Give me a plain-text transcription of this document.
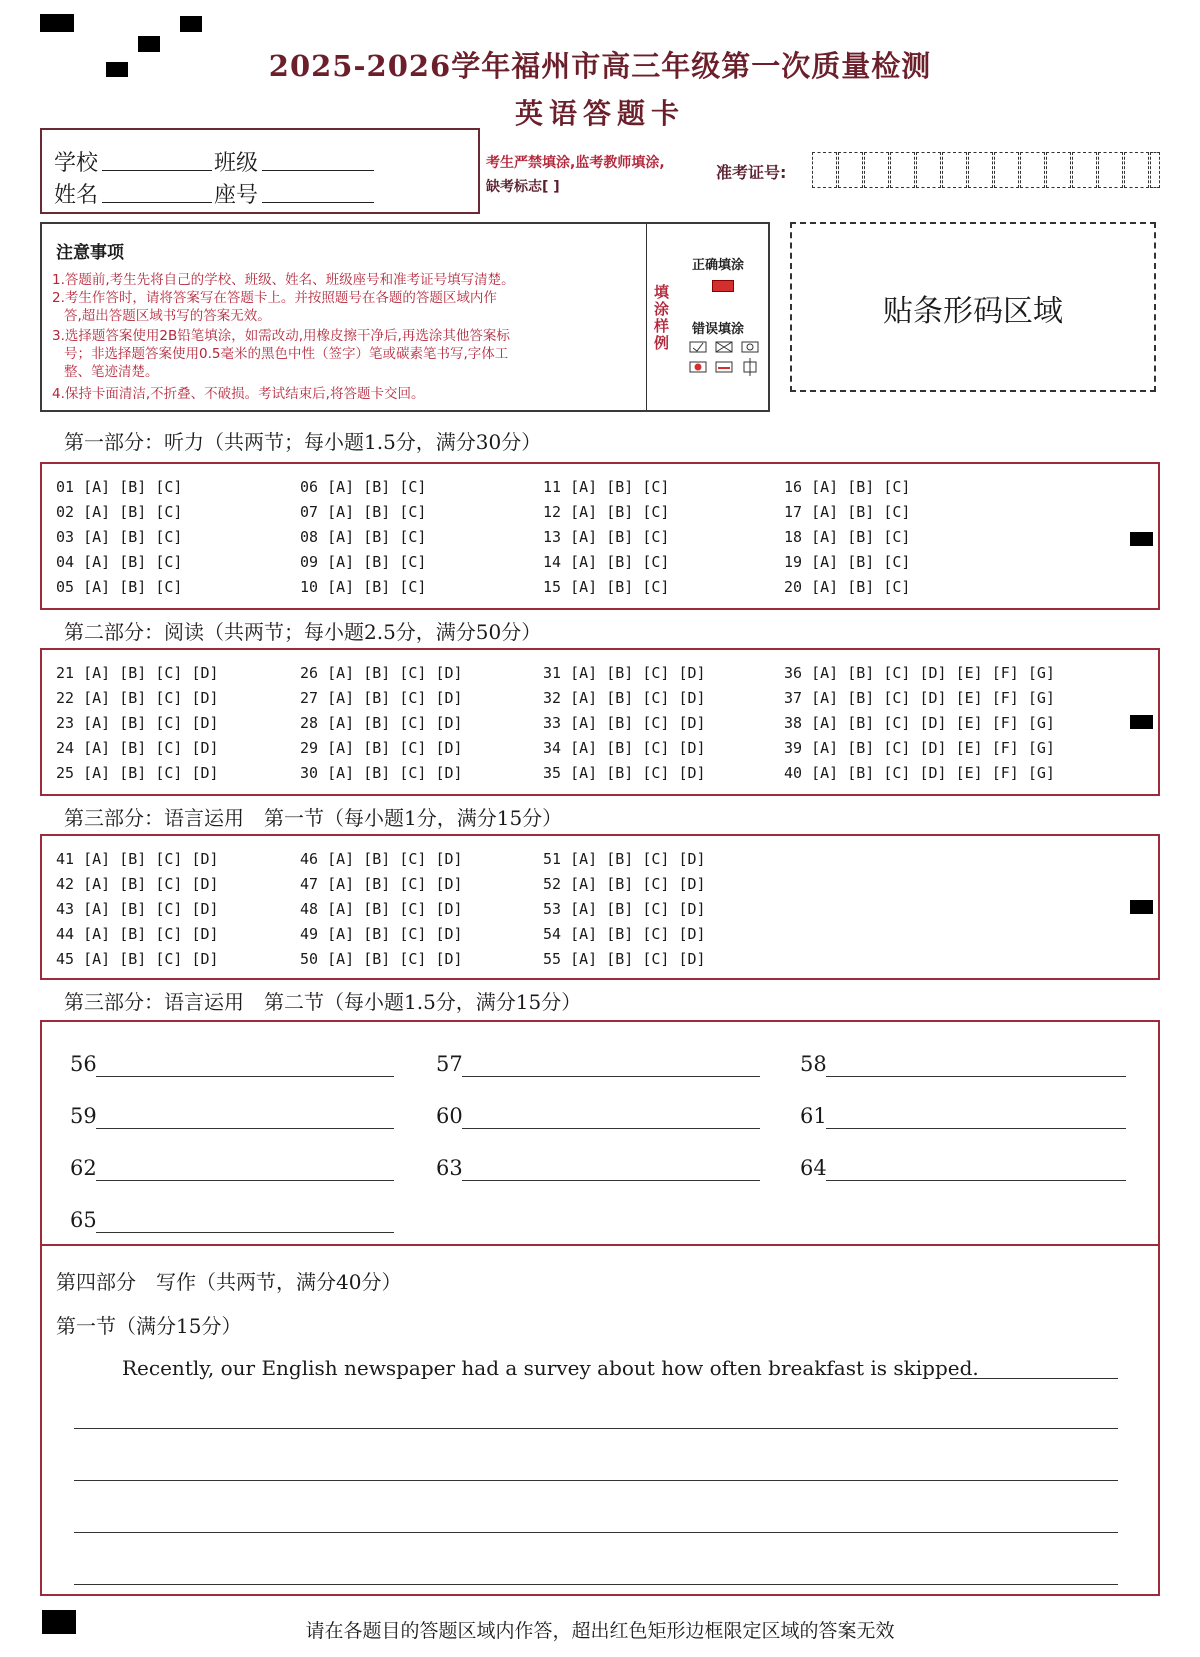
2025-2026学年福州市高三年级第一次质量检测
英语答题卡
学校	班级
姓名	座号
考生严禁填涂,监考教师填涂,
缺考标志[ ]
准考证号:
注意事项
1.答题前,考生先将自己的学校、班级、姓名、班级座号和准考证号填写清楚。
2.考生作答时，请将答案写在答题卡上。并按照题号在各题的答题区域内作
答,超出答题区域书写的答案无效。
3.选择题答案使用2B铅笔填涂，如需改动,用橡皮擦干净后,再选涂其他答案标
号；非选择题答案使用0.5毫米的黑色中性（签字）笔或碳素笔书写,字体工
整、笔迹清楚。
4.保持卡面清洁,不折叠、不破损。考试结束后,将答题卡交回。
填涂样例
正确填涂
错误填涂
贴条形码区域
第一部分：听力（共两节；每小题1.5分，满分30分）
01 [A] [B] [C]
02 [A] [B] [C]
03 [A] [B] [C]
04 [A] [B] [C]
05 [A] [B] [C]
06 [A] [B] [C]
07 [A] [B] [C]
08 [A] [B] [C]
09 [A] [B] [C]
10 [A] [B] [C]
11 [A] [B] [C]
12 [A] [B] [C]
13 [A] [B] [C]
14 [A] [B] [C]
15 [A] [B] [C]
16 [A] [B] [C]
17 [A] [B] [C]
18 [A] [B] [C]
19 [A] [B] [C]
20 [A] [B] [C]
第二部分：阅读（共两节；每小题2.5分，满分50分）
21 [A] [B] [C] [D]
22 [A] [B] [C] [D]
23 [A] [B] [C] [D]
24 [A] [B] [C] [D]
25 [A] [B] [C] [D]
26 [A] [B] [C] [D]
27 [A] [B] [C] [D]
28 [A] [B] [C] [D]
29 [A] [B] [C] [D]
30 [A] [B] [C] [D]
31 [A] [B] [C] [D]
32 [A] [B] [C] [D]
33 [A] [B] [C] [D]
34 [A] [B] [C] [D]
35 [A] [B] [C] [D]
36 [A] [B] [C] [D] [E] [F] [G]
37 [A] [B] [C] [D] [E] [F] [G]
38 [A] [B] [C] [D] [E] [F] [G]
39 [A] [B] [C] [D] [E] [F] [G]
40 [A] [B] [C] [D] [E] [F] [G]
第三部分：语言运用　第一节（每小题1分，满分15分）
41 [A] [B] [C] [D]
42 [A] [B] [C] [D]
43 [A] [B] [C] [D]
44 [A] [B] [C] [D]
45 [A] [B] [C] [D]
46 [A] [B] [C] [D]
47 [A] [B] [C] [D]
48 [A] [B] [C] [D]
49 [A] [B] [C] [D]
50 [A] [B] [C] [D]
51 [A] [B] [C] [D]
52 [A] [B] [C] [D]
53 [A] [B] [C] [D]
54 [A] [B] [C] [D]
55 [A] [B] [C] [D]
第三部分：语言运用　第二节（每小题1.5分，满分15分）
56	57	58
59	60	61
62	63	64
65
第四部分　写作（共两节，满分40分）
第一节（满分15分）
Recently, our English newspaper had a survey about how often breakfast is skipped.
请在各题目的答题区域内作答，超出红色矩形边框限定区域的答案无效
